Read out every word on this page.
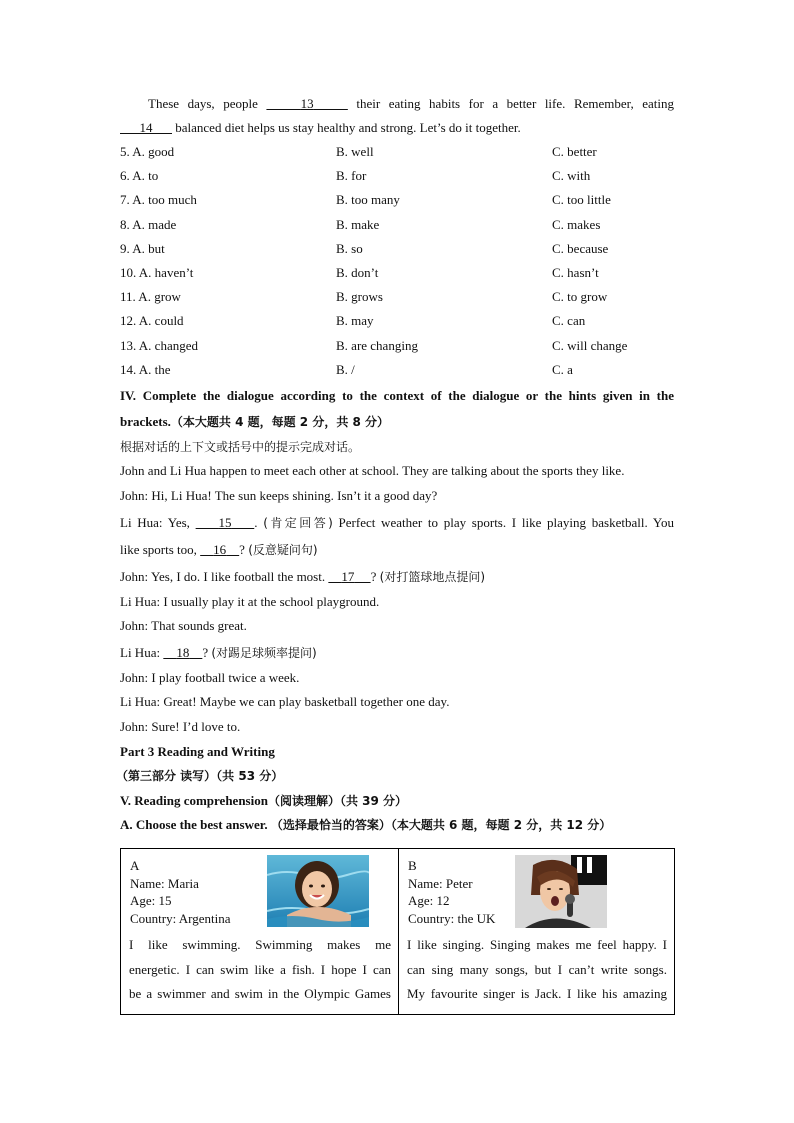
These days, people	13	their eating habits for a better life. Remember, eating
14       balanced diet helps us stay healthy and strong. Let’s do it together.
5. A. good	B. well	C. better
6. A. to	B. for	C. with
7. A. too much	B. too many	C. too little
8. A. made	B. make	C. makes
9. A. but	B. so	C. because
10. A. haven’t	B. don’t	C. hasn’t
11. A. grow	B. grows	C. to grow
12. A. could	B. may	C. can
13. A. changed	B. are changing	C. will change
14. A. the	B. /	C. a
IV. Complete the dialogue according to the context of the dialogue or the hints given in the
brackets.（本大题共 4 题，每题 2 分，共 8 分）
根据对话的上下文或括号中的提示完成对话。
John and Li Hua happen to meet each other at school. They are talking about the sports they like.
John: Hi, Li Hua! The sun keeps shining. Isn’t it a good day?
Li Hua: Yes,     15 . (肯定回答) Perfect weather to play sports. I like playing basketball. You
like sports too,     16 ? (反意疑问句)
John: Yes, I do. I like football the most.     17 ? (对打篮球地点提问)
Li Hua: I usually play it at the school playground.
John: That sounds great.
Li Hua:     18 ? (对踢足球频率提问)
John: I play football twice a week.
Li Hua: Great! Maybe we can play basketball together one day.
John: Sure! I’d love to.
Part 3 Reading and Writing
（第三部分 读写）（共 53 分）
V. Reading comprehension（阅读理解）（共 39 分）
A. Choose the best answer. （选择最恰当的答案）（本大题共 6 题，每题 2 分，共 12 分）
A
Name: Maria
Age: 15
Country: Argentina
I like swimming. Swimming makes me
energetic. I can swim like a fish. I hope I can
be a swimmer and swim in the Olympic Games

B
Name: Peter
Age: 12
Country: the UK
I like singing. Singing makes me feel happy. I
can sing many songs, but I can’t write songs.
My favourite singer is Jack. I like his amazing
